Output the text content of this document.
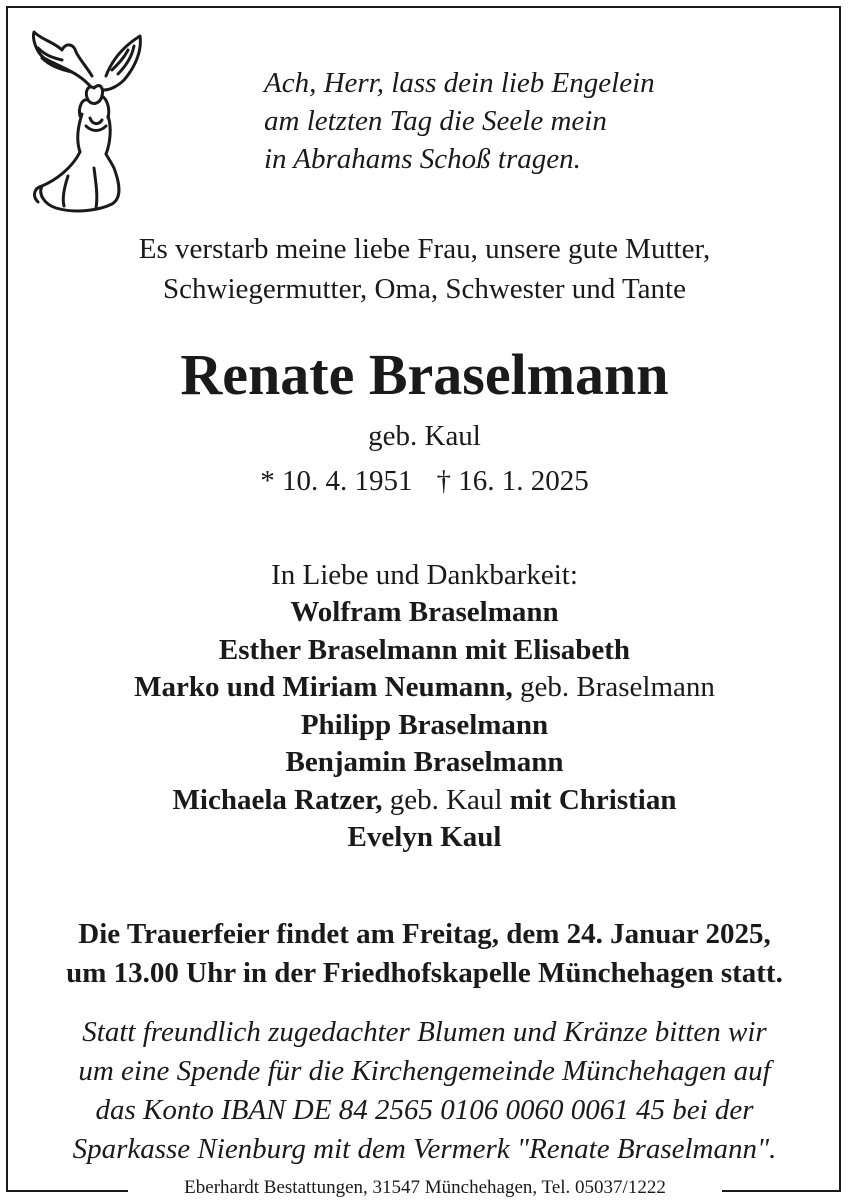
Ach, Herr, lass dein lieb Engelein
am letzten Tag die Seele mein
in Abrahams Schoß tragen.
Es verstarb meine liebe Frau, unsere gute Mutter,
Schwiegermutter, Oma, Schwester und Tante
Renate Braselmann
geb. Kaul
* 10. 4. 1951 † 16. 1. 2025
In Liebe und Dankbarkeit:
Wolfram Braselmann
Esther Braselmann mit Elisabeth
Marko und Miriam Neumann, geb. Braselmann
Philipp Braselmann
Benjamin Braselmann
Michaela Ratzer, geb. Kaul mit Christian
Evelyn Kaul
Die Trauerfeier findet am Freitag, dem 24. Januar 2025,
um 13.00 Uhr in der Friedhofskapelle Münchehagen statt.
Statt freundlich zugedachter Blumen und Kränze bitten wir
um eine Spende für die Kirchengemeinde Münchehagen auf
das Konto IBAN DE 84 2565 0106 0060 0061 45 bei der
Sparkasse Nienburg mit dem Vermerk "Renate Braselmann".
Eberhardt Bestattungen, 31547 Münchehagen, Tel. 05037/1222
